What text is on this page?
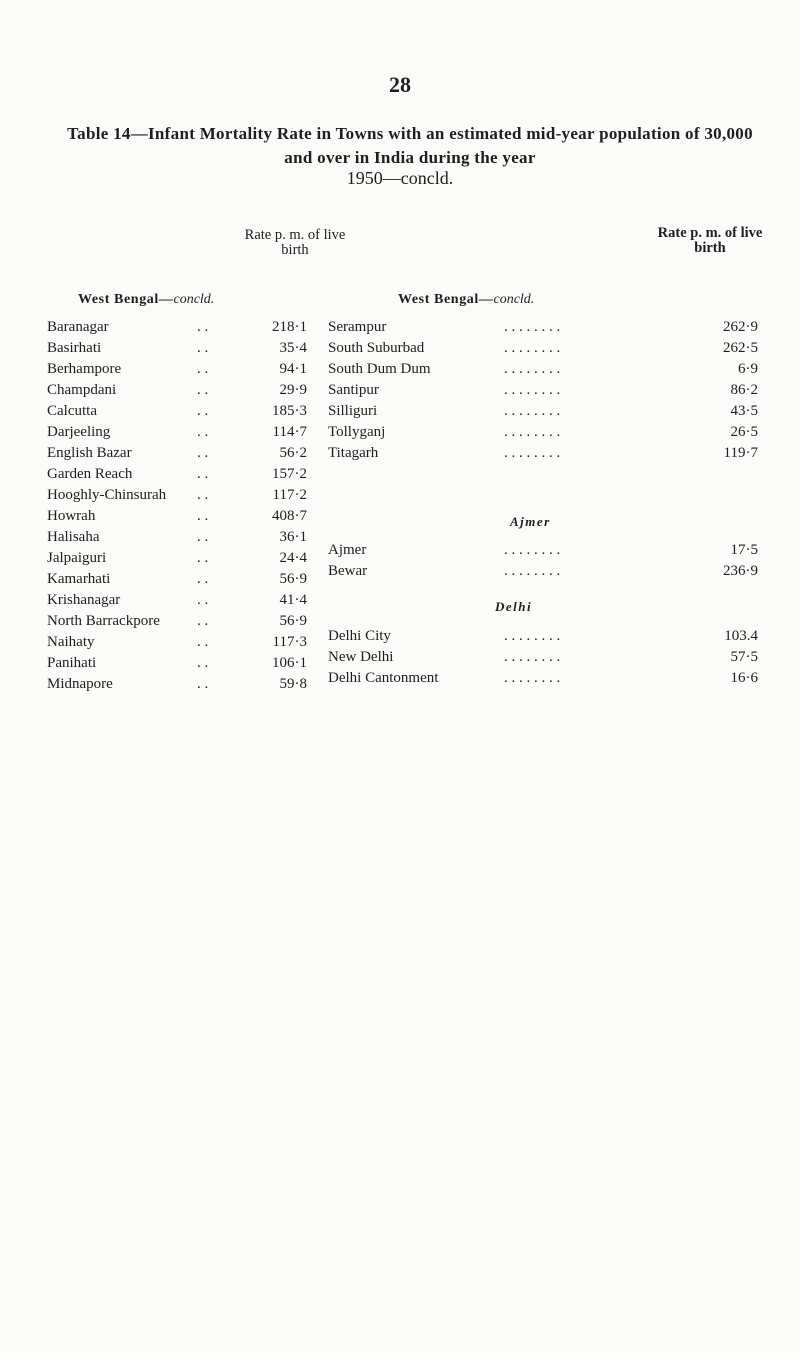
28
Table 14—Infant Mortality Rate in Towns with an estimated mid-year population of 30,000 and over in India during the year
1950—concld.
Rate p. m. of live birth
Rate p. m. of live birth
West Bengal—concld.	West Bengal—concld.
Baranagar	. .	218·1
Basirhati	. .	35·4
Berhampore	. .	94·1
Champdani	. .	29·9
Calcutta	. .	185·3
Darjeeling	. .	114·7
English Bazar	. .	56·2
Garden Reach	. .	157·2
Hooghly-Chinsurah . .	117·2
Howrah	. .	408·7
Halisaha	. .	36·1
Jalpaiguri	. .	24·4
Kamarhati	. .	56·9
Krishanagar	. .	41·4
North Barrackpore . .	56·9
Naihaty	. .	117·3
Panihati	. .	106·1
Midnapore	. .	59·8
Serampur	. . . . . . . .	262·9
South Suburbad	. . . . . . . .	262·5
South Dum Dum	. . . . . . . .	6·9
Santipur	. . . . . . . .	86·2
Silliguri	. . . . . . . .	43·5
Tollyganj	. . . . . . . .	26·5
Titagarh	. . . . . . . .	119·7
Ajmer	. . . . . . . .	17·5
Bewar	. . . . . . . .	236·9
Delhi City	. . . . . . . .	103.4
New Delhi	. . . . . . . .	57·5
Delhi Cantonment	. . . . . . . .	16·6
Ajmer
Delhi
